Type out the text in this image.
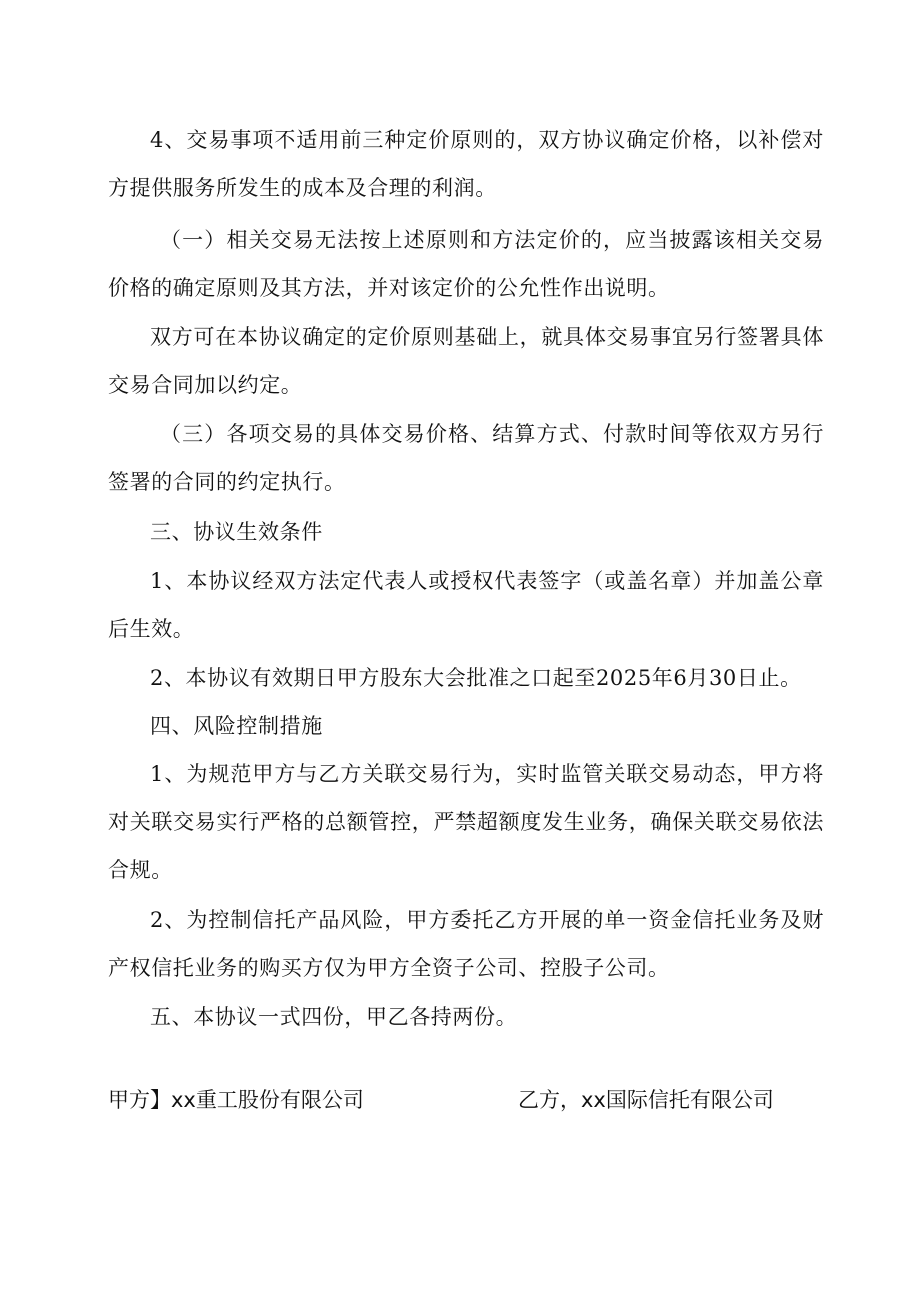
4、交易事项不适用前三种定价原则的，双方协议确定价格，以补偿对方提供服务所发生的成本及合理的利润。

（一）相关交易无法按上述原则和方法定价的，应当披露该相关交易价格的确定原则及其方法，并对该定价的公允性作出说明。

双方可在本协议确定的定价原则基础上，就具体交易事宜另行签署具体交易合同加以约定。

（三）各项交易的具体交易价格、结算方式、付款时间等依双方另行签署的合同的约定执行。

三、协议生效条件

1、本协议经双方法定代表人或授权代表签字（或盖名章）并加盖公章后生效。

2、本协议有效期日甲方股东大会批准之口起至2025年6月30日止。

四、风险控制措施

1、为规范甲方与乙方关联交易行为，实时监管关联交易动态，甲方将对关联交易实行严格的总额管控，严禁超额度发生业务，确保关联交易依法合规。

2、为控制信托产品风险，甲方委托乙方开展的单一资金信托业务及财产权信托业务的购买方仅为甲方全资子公司、控股子公司。

五、本协议一式四份，甲乙各持两份。

甲方】xx重工股份有限公司	乙方，xx国际信托有限公司
